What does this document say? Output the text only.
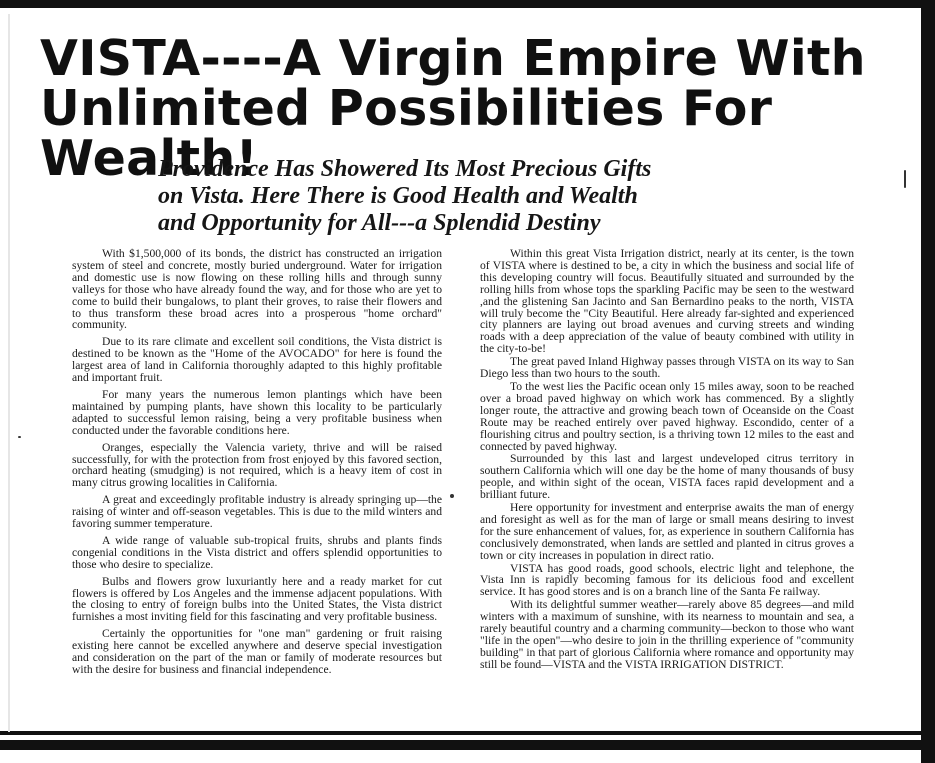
VISTA----A Virgin Empire With
Unlimited Possibilities For Wealth!
Providence Has Showered Its Most Precious Gifts
on Vista. Here There is Good Health and Wealth
and Opportunity for All---a Splendid Destiny

With $1,500,000 of its bonds, the district has constructed an irrigation system of steel and concrete, mostly buried underground. Water for irrigation and domestic use is now flowing on these rolling hills and through sunny valleys for those who have already found the way, and for those who are yet to come to build their bungalows, to plant their groves, to raise their flowers and to thus transform these broad acres into a prosperous "home orchard" community.

Due to its rare climate and excellent soil conditions, the Vista district is destined to be known as the "Home of the AVOCADO" for here is found the largest area of land in California thoroughly adapted to this highly profitable and important fruit.

For many years the numerous lemon plantings which have been maintained by pumping plants, have shown this locality to be particularly adapted to successful lemon raising, being a very profitable business when conducted under the favorable conditions here.

Oranges, especially the Valencia variety, thrive and will be raised successfully, for with the protection from frost enjoyed by this favored section, orchard heating (smudging) is not required, which is a heavy item of cost in many citrus growing localities in California.

A great and exceedingly profitable industry is already springing up—the raising of winter and off-season vegetables. This is due to the mild winters and favoring summer temperature.

A wide range of valuable sub-tropical fruits, shrubs and plants finds congenial conditions in the Vista district and offers splendid opportunities to those who desire to specialize.

Bulbs and flowers grow luxuriantly here and a ready market for cut flowers is offered by Los Angeles and the immense adjacent populations. With the closing to entry of foreign bulbs into the United States, the Vista district furnishes a most inviting field for this fascinating and very profitable business.

Certainly the opportunities for "one man" gardening or fruit raising existing here cannot be excelled anywhere and deserve special investigation and consideration on the part of the man or family of moderate resources but with the desire for business and financial independence.

Within this great Vista Irrigation district, nearly at its center, is the town of VISTA where is destined to be, a city in which the business and social life of this developing country will focus. Beautifully situated and surrounded by the rolling hills from whose tops the sparkling Pacific may be seen to the westward ,and the glistening San Jacinto and San Bernardino peaks to the north, VISTA will truly become the "City Beautiful. Here already far-sighted and experienced city planners are laying out broad avenues and curving streets and winding roads with a deep appreciation of the value of beauty combined with utility in the city-to-be!

The great paved Inland Highway passes through VISTA on its way to San Diego less than two hours to the south.

To the west lies the Pacific ocean only 15 miles away, soon to be reached over a broad paved highway on which work has commenced. By a slightly longer route, the attractive and growing beach town of Oceanside on the Coast Route may be reached entirely over paved highway. Escondido, center of a flourishing citrus and poultry section, is a thriving town 12 miles to the east and connected by paved highway.

Surrounded by this last and largest undeveloped citrus territory in southern California which will one day be the home of many thousands of busy people, and within sight of the ocean, VISTA faces rapid development and a brilliant future.

Here opportunity for investment and enterprise awaits the man of energy and foresight as well as for the man of large or small means desiring to invest for the sure enhancement of values, for, as experience in southern California has conclusively demonstrated, when lands are settled and planted in citrus groves a town or city increases in population in direct ratio.

VISTA has good roads, good schools, electric light and telephone, the Vista Inn is rapidly becoming famous for its delicious food and excellent service. It has good stores and is on a branch line of the Santa Fe railway.

With its delightful summer weather—rarely above 85 degrees—and mild winters with a maximum of sunshine, with its nearness to mountain and sea, a rarely beautiful country and a charming community—beckon to those who want "life in the open"—who desire to join in the thrilling experience of "community building" in that part of glorious California where romance and opportunity may still be found—VISTA and the VISTA IRRIGATION DISTRICT.
